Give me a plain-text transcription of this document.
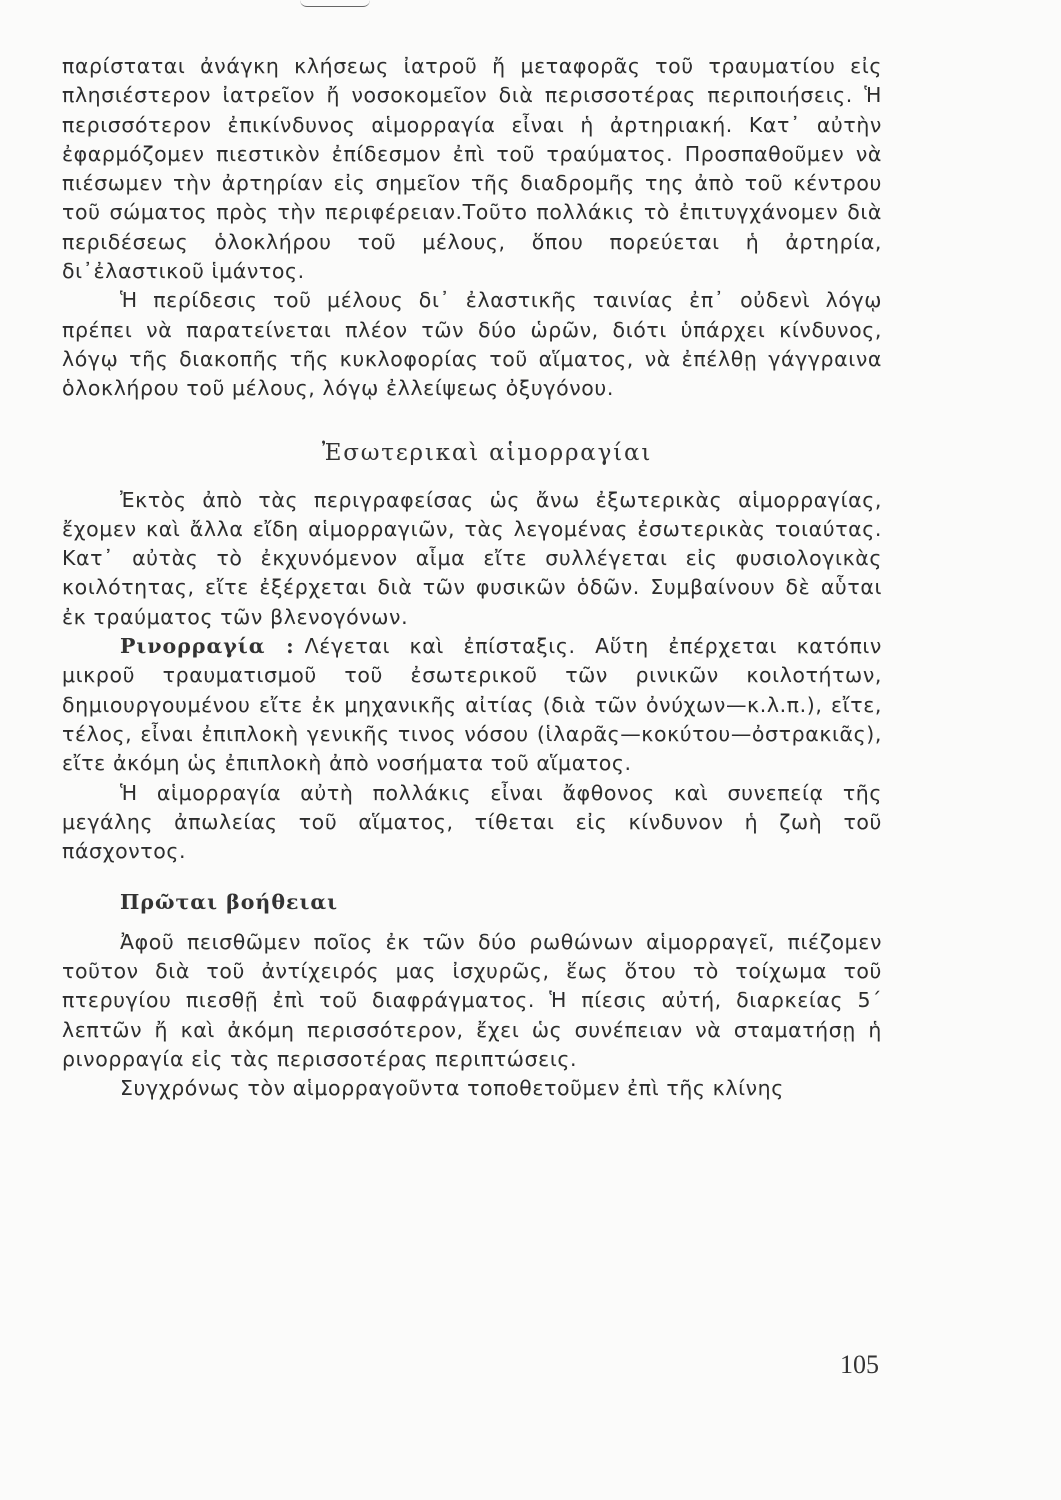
παρίσταται ἀνάγκη κλήσεως ἰατροῦ ἤ μεταφορᾶς τοῦ τραυματίου εἰς πλησιέστερον ἰατρεῖον ἤ νοσοκομεῖον διὰ περισσοτέρας περιποιήσεις. Ἡ περισσότερον ἐπικίνδυνος αἱμορραγία εἶναι ἡ ἀρτηριακή. Κατ᾽ αὐτὴν ἐφαρμόζομεν πιεστικὸν ἐπίδεσμον ἐπὶ τοῦ τραύματος. Προσπαθοῦμεν νὰ πιέσωμεν τὴν ἀρτηρίαν εἰς σημεῖον τῆς διαδρομῆς της ἀπὸ τοῦ κέντρου τοῦ σώματος πρὸς τὴν περιφέρειαν.Τοῦτο πολλάκις τὸ ἐπιτυγχάνομεν διὰ περιδέσεως ὁλοκλήρου τοῦ μέλους, ὅπου πορεύεται ἡ ἀρτηρία, δι᾽ἐλαστικοῦ ἱμάντος.

Ἡ περίδεσις τοῦ μέλους δι᾽ ἐλαστικῆς ταινίας ἐπ᾽ οὐδενὶ λόγῳ πρέπει νὰ παρατείνεται πλέον τῶν δύο ὡρῶν, διότι ὑπάρχει κίνδυνος, λόγῳ τῆς διακοπῆς τῆς κυκλοφορίας τοῦ αἵματος, νὰ ἐπέλθῃ γάγγραινα ὁλοκλήρου τοῦ μέλους, λόγῳ ἐλλείψεως ὀξυγόνου.

Ἐσωτερικαὶ αἱμορραγίαι

Ἐκτὸς ἀπὸ τὰς περιγραφείσας ὡς ἄνω ἐξωτερικὰς αἱμορραγίας, ἔχομεν καὶ ἄλλα εἴδη αἱμορραγιῶν, τὰς λεγομένας ἐσωτερικὰς τοιαύτας. Κατ᾽ αὐτὰς τὸ ἐκχυνόμενον αἷμα εἴτε συλλέγεται εἰς φυσιολογικὰς κοιλότητας, εἴτε ἐξέρχεται διὰ τῶν φυσικῶν ὁδῶν. Συμβαίνουν δὲ αὗται ἐκ τραύματος τῶν βλενογόνων.

Ρινορραγία : Λέγεται καὶ ἐπίσταξις. Αὕτη ἐπέρχεται κατόπιν μικροῦ τραυματισμοῦ τοῦ ἐσωτερικοῦ τῶν ρινικῶν κοιλοτήτων, δημιουργουμένου εἴτε ἐκ μηχανικῆς αἰτίας (διὰ τῶν ὀνύχων—κ.λ.π.), εἴτε, τέλος, εἶναι ἐπιπλοκὴ γενικῆς τινος νόσου (ἱλαρᾶς—κοκύτου—ὀστρακιᾶς), εἴτε ἀκόμη ὡς ἐπιπλοκὴ ἀπὸ νοσήματα τοῦ αἵματος.

Ἡ αἱμορραγία αὐτὴ πολλάκις εἶναι ἄφθονος καὶ συνεπείᾳ τῆς μεγάλης ἀπωλείας τοῦ αἵματος, τίθεται εἰς κίνδυνον ἡ ζωὴ τοῦ πάσχοντος.

Πρῶται βοήθειαι

Ἀφοῦ πεισθῶμεν ποῖος ἐκ τῶν δύο ρωθώνων αἱμορραγεῖ, πιέζομεν τοῦτον διὰ τοῦ ἀντίχειρός μας ἰσχυρῶς, ἕως ὅτου τὸ τοίχωμα τοῦ πτερυγίου πιεσθῇ ἐπὶ τοῦ διαφράγματος. Ἡ πίεσις αὐτή, διαρκείας 5΄ λεπτῶν ἤ καὶ ἀκόμη περισσότερον, ἔχει ὡς συνέπειαν νὰ σταματήσῃ ἡ ρινορραγία εἰς τὰς περισσοτέρας περιπτώσεις.

Συγχρόνως τὸν αἱμορραγοῦντα τοποθετοῦμεν ἐπὶ τῆς κλίνης

105
